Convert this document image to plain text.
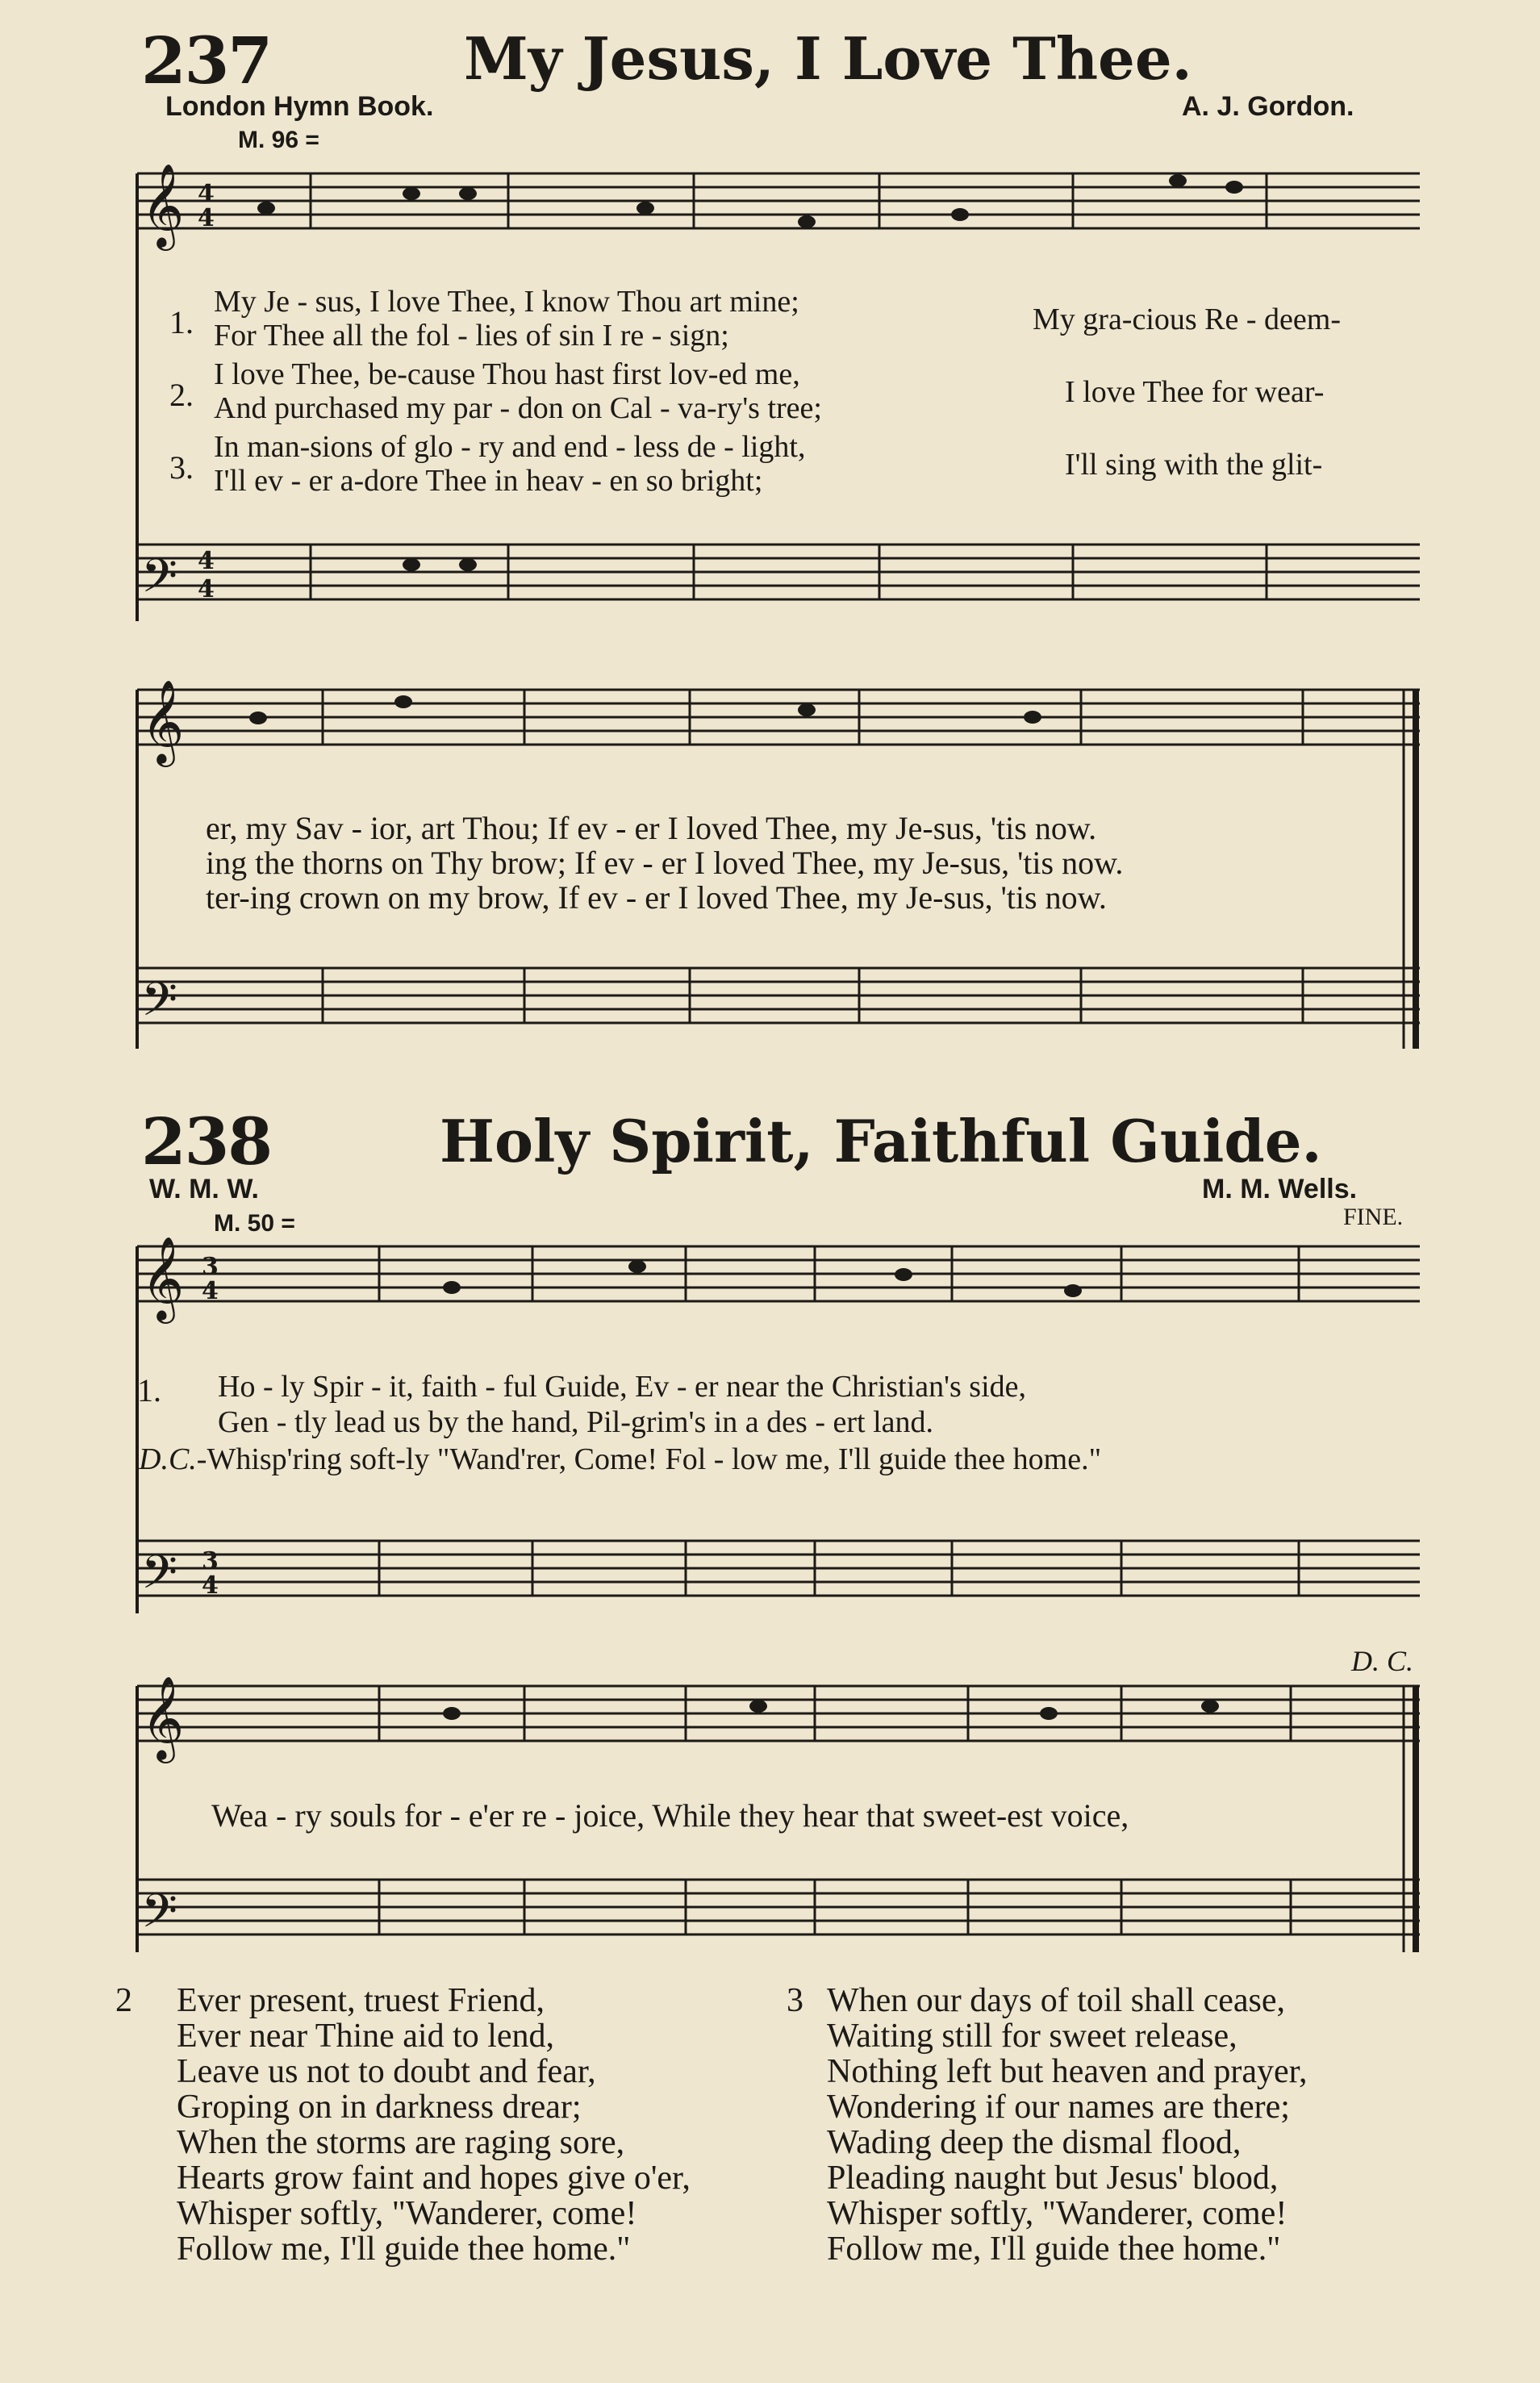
𝄞 4
4
𝄢 4
4
𝄞
𝄢
𝄞 3
4
𝄢 3
4
𝄞
𝄢
237	My Jesus, I Love Thee.
London Hymn Book.	A. J. Gordon.
M. 96 =
1.
My Je - sus, I love Thee, I know Thou art mine;
For Thee all the fol - lies of sin I re - sign;	My gra-cious Re - deem-
2.
I love Thee, be-cause Thou hast first lov-ed me,
And purchased my par - don on Cal - va-ry's tree;	I love Thee for wear-
3.
In man-sions of glo - ry and end - less de - light,
I'll ev - er a-dore Thee in heav - en so bright;	I'll sing with the glit-
er, my Sav - ior, art Thou; If ev - er I loved Thee, my Je-sus, 'tis now.
ing the thorns on Thy brow; If ev - er I loved Thee, my Je-sus, 'tis now.
ter-ing crown on my brow, If ev - er I loved Thee, my Je-sus, 'tis now.
238	Holy Spirit, Faithful Guide.
W. M. W.	M. M. Wells.
M. 50 =	FINE.
1. Ho - ly Spir - it, faith - ful Guide, Ev - er near the Christian's side,
Gen - tly lead us by the hand, Pil-grim's in a des - ert land.
D.C.-Whisp'ring soft-ly "Wand'rer, Come! Fol - low me, I'll guide thee home."
D. C.
Wea - ry souls for - e'er re - joice, While they hear that sweet-est voice,
2 Ever present, truest Friend,
Ever near Thine aid to lend,
Leave us not to doubt and fear,
Groping on in darkness drear;
When the storms are raging sore,
Hearts grow faint and hopes give o'er,
Whisper softly, "Wanderer, come!
Follow me, I'll guide thee home."
3 When our days of toil shall cease,
Waiting still for sweet release,
Nothing left but heaven and prayer,
Wondering if our names are there;
Wading deep the dismal flood,
Pleading naught but Jesus' blood,
Whisper softly, "Wanderer, come!
Follow me, I'll guide thee home."
